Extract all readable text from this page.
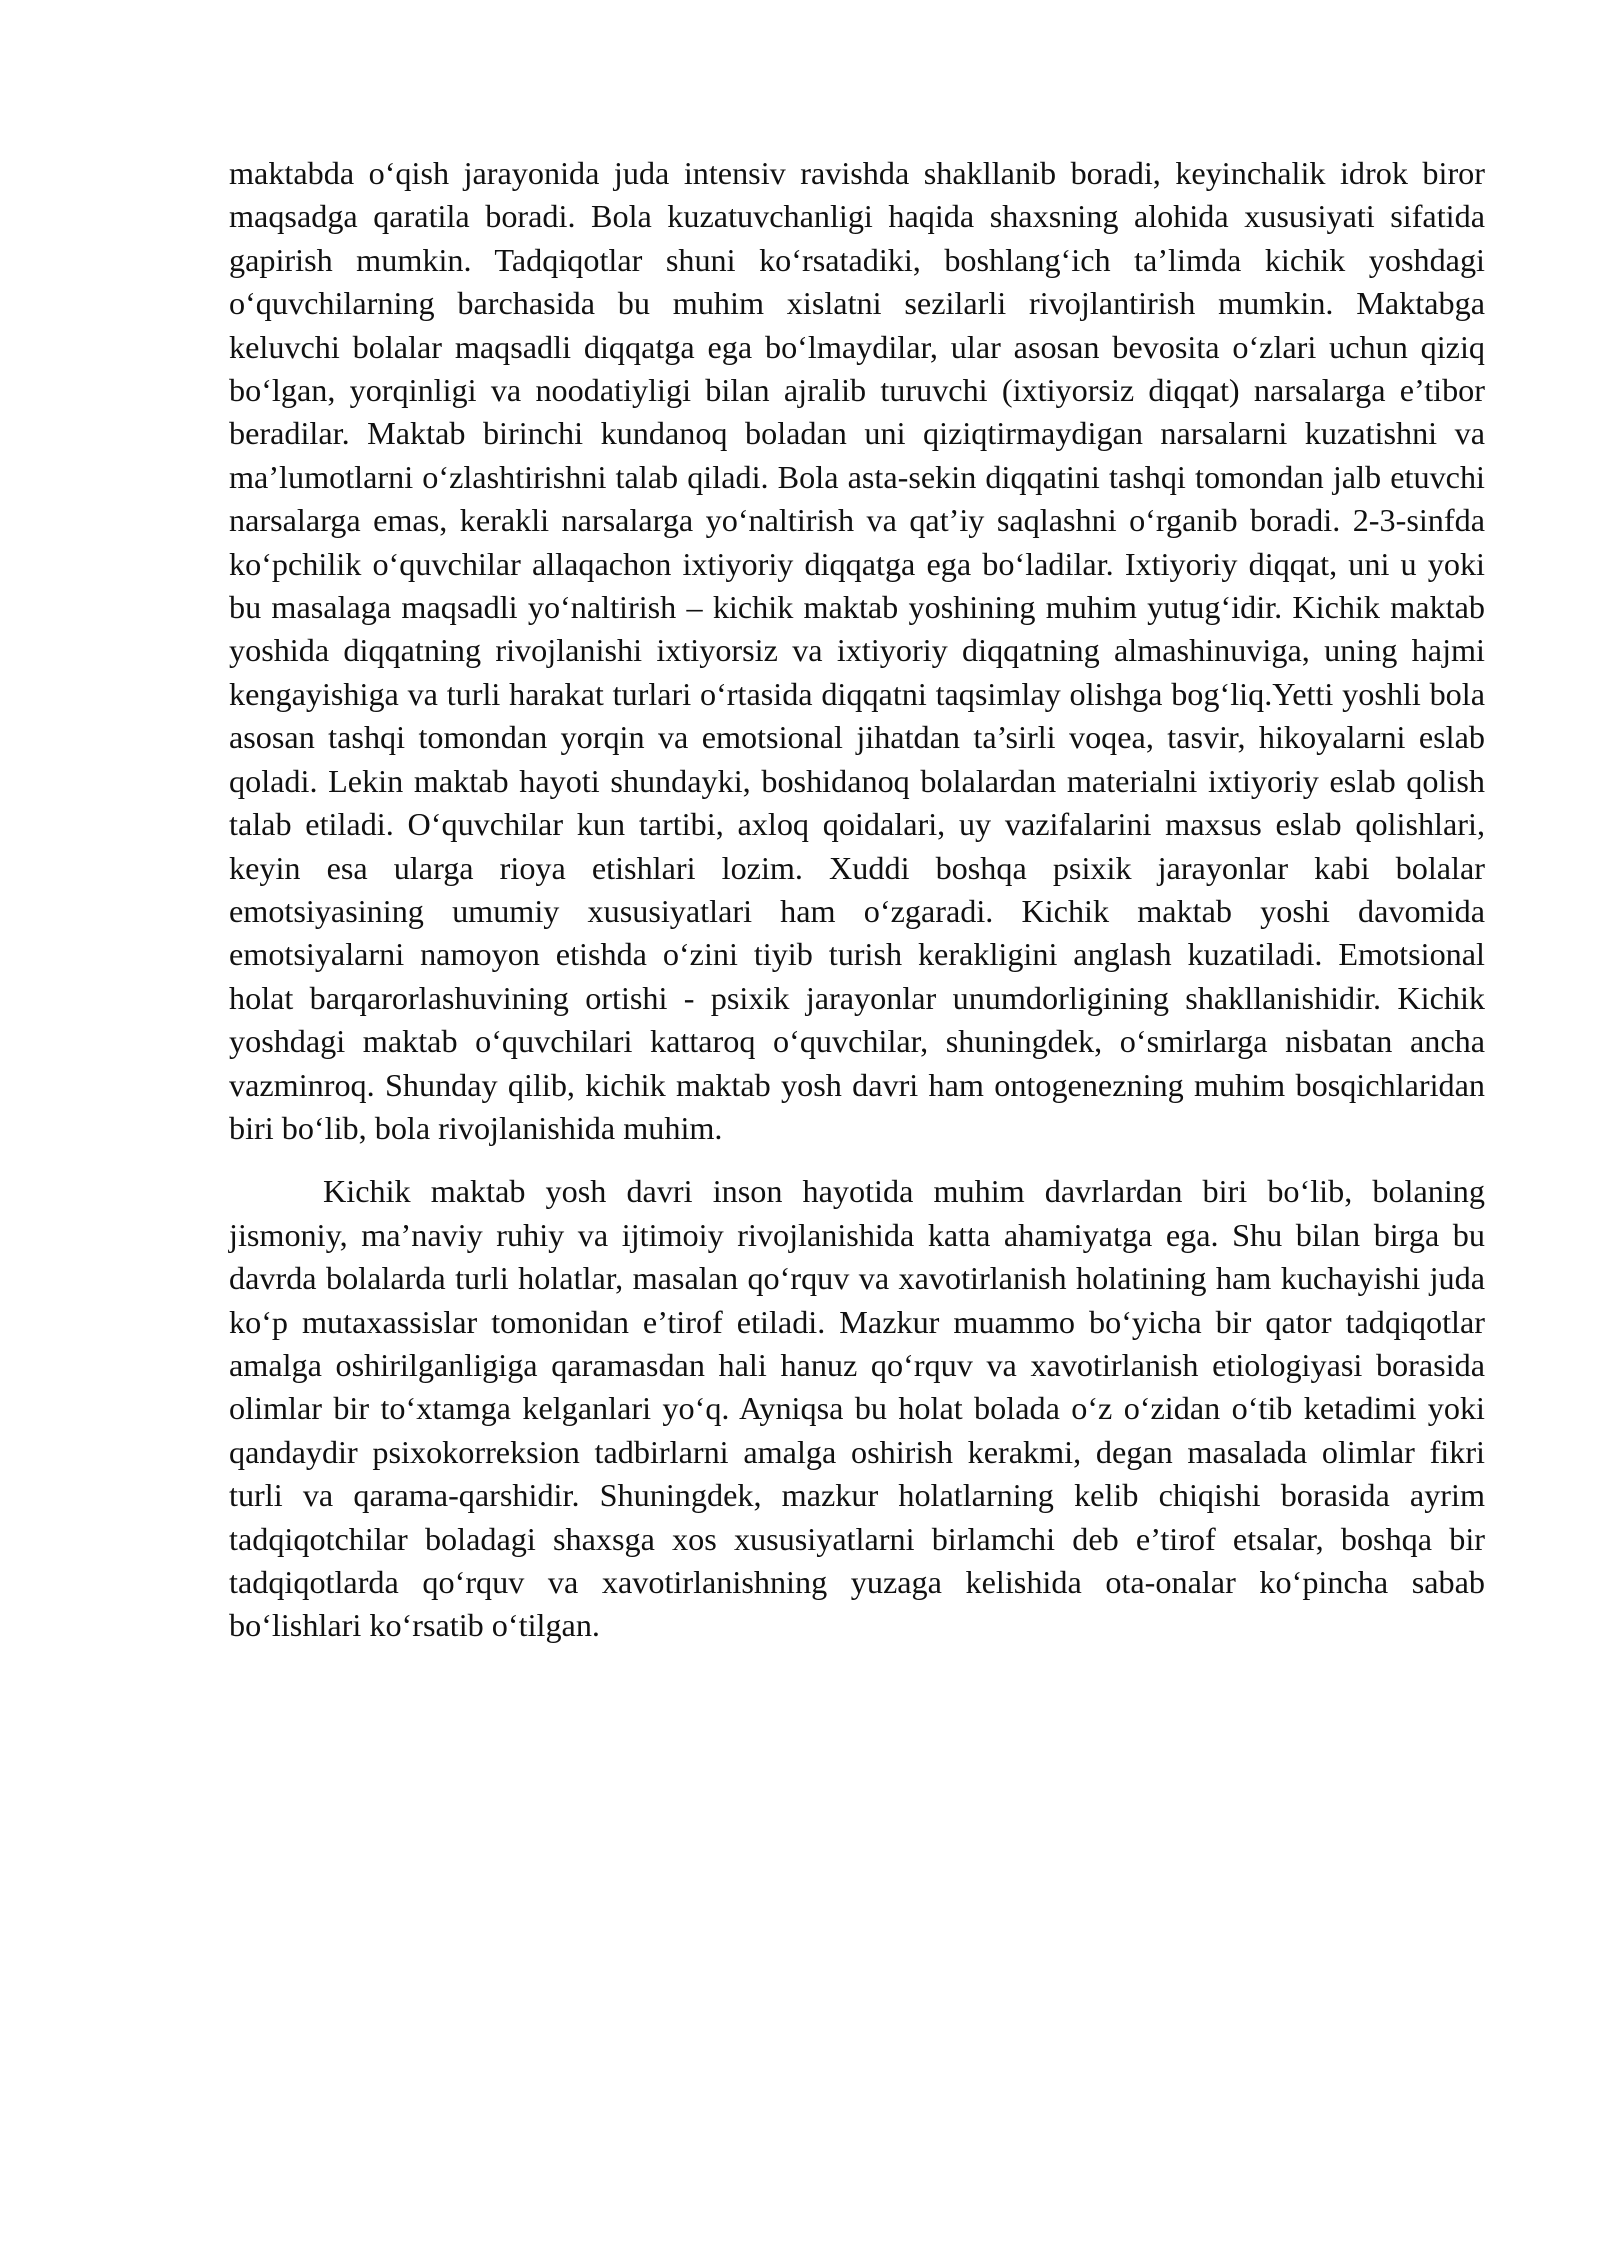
maktabda o‘qish jarayonida juda intensiv ravishda shakllanib boradi, keyinchalik idrok biror maqsadga qaratila boradi. Bola kuzatuvchanligi haqida shaxsning alohida xususiyati sifatida gapirish mumkin. Tadqiqotlar shuni ko‘rsatadiki, boshlang‘ich ta’limda kichik yoshdagi o‘quvchilarning barchasida bu muhim xislatni sezilarli rivojlantirish mumkin. Maktabga keluvchi bolalar maqsadli diqqatga ega bo‘lmaydilar, ular asosan bevosita o‘zlari uchun qiziq bo‘lgan, yorqinligi va noodatiyligi bilan ajralib turuvchi (ixtiyorsiz diqqat) narsalarga e’tibor beradilar. Maktab birinchi kundanoq boladan uni qiziqtirmaydigan narsalarni kuzatishni va ma’lumotlarni o‘zlashtirishni talab qiladi. Bola asta-sekin diqqatini tashqi tomondan jalb etuvchi narsalarga emas, kerakli narsalarga yo‘naltirish va qat’iy saqlashni o‘rganib boradi. 2-3-sinfda ko‘pchilik o‘quvchilar allaqachon ixtiyoriy diqqatga ega bo‘ladilar. Ixtiyoriy diqqat, uni u yoki bu masalaga maqsadli yo‘naltirish – kichik maktab yoshining muhim yutug‘idir. Kichik maktab yoshida diqqatning rivojlanishi ixtiyorsiz va ixtiyoriy diqqatning almashinuviga, uning hajmi kengayishiga va turli harakat turlari o‘rtasida diqqatni taqsimlay olishga bog‘liq.Yetti yoshli bola asosan tashqi tomondan yorqin va emotsional jihatdan ta’sirli voqea, tasvir, hikoyalarni eslab qoladi. Lekin maktab hayoti shundayki, boshidanoq bolalardan materialni ixtiyoriy eslab qolish talab etiladi. O‘quvchilar kun tartibi, axloq qoidalari, uy vazifalarini maxsus eslab qolishlari, keyin esa ularga rioya etishlari lozim. Xuddi boshqa psixik jarayonlar kabi bolalar emotsiyasining umumiy xususiyatlari ham o‘zgaradi. Kichik maktab yoshi davomida emotsiyalarni namoyon etishda o‘zini tiyib turish kerakligini anglash kuzatiladi. Emotsional holat barqarorlashuvining ortishi - psixik jarayonlar unumdorligining shakllanishidir. Kichik yoshdagi maktab o‘quvchilari kattaroq o‘quvchilar, shuningdek, o‘smirlarga nisbatan ancha vazminroq. Shunday qilib, kichik maktab yosh davri ham ontogenezning muhim bosqichlaridan biri bo‘lib, bola rivojlanishida muhim.

Kichik maktab yosh davri inson hayotida muhim davrlardan biri bo‘lib, bolaning jismoniy, ma’naviy ruhiy va ijtimoiy rivojlanishida katta ahamiyatga ega. Shu bilan birga bu davrda bolalarda turli holatlar, masalan qo‘rquv va xavotirlanish holatining ham kuchayishi juda ko‘p mutaxassislar tomonidan e’tirof etiladi. Mazkur muammo bo‘yicha bir qator tadqiqotlar amalga oshirilganligiga qaramasdan hali hanuz qo‘rquv va xavotirlanish etiologiyasi borasida olimlar bir to‘xtamga kelganlari yo‘q. Ayniqsa bu holat bolada o‘z o‘zidan o‘tib ketadimi yoki qandaydir psixokorreksion tadbirlarni amalga oshirish kerakmi, degan masalada olimlar fikri turli va qarama-qarshidir. Shuningdek, mazkur holatlarning kelib chiqishi borasida ayrim tadqiqotchilar boladagi shaxsga xos xususiyatlarni birlamchi deb e’tirof etsalar, boshqa bir tadqiqotlarda qo‘rquv va xavotirlanishning yuzaga kelishida ota-onalar ko‘pincha sabab bo‘lishlari ko‘rsatib o‘tilgan.
